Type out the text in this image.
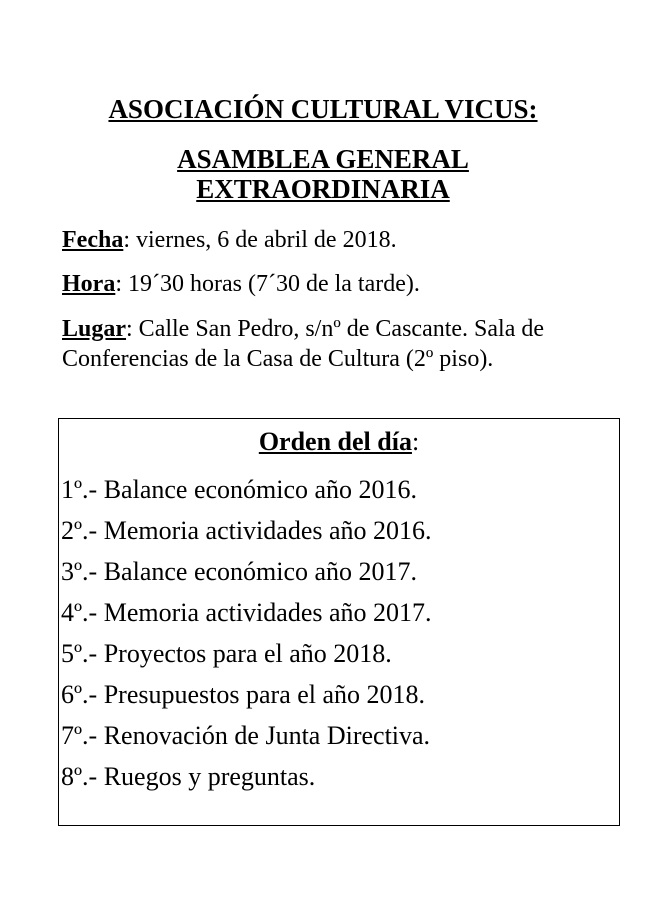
ASOCIACIÓN CULTURAL VICUS:
ASAMBLEA GENERAL
EXTRAORDINARIA

Fecha: viernes, 6 de abril de 2018.

Hora: 19´30 horas (7´30 de la tarde).

Lugar: Calle San Pedro, s/nº de Cascante. Sala de Conferencias de la Casa de Cultura (2º piso).

Orden del día:

1º.- Balance económico año 2016.
2º.- Memoria actividades año 2016.
3º.- Balance económico año 2017.
4º.- Memoria actividades año 2017.
5º.- Proyectos para el año 2018.
6º.- Presupuestos para el año 2018.
7º.- Renovación de Junta Directiva.
8º.- Ruegos y preguntas.
